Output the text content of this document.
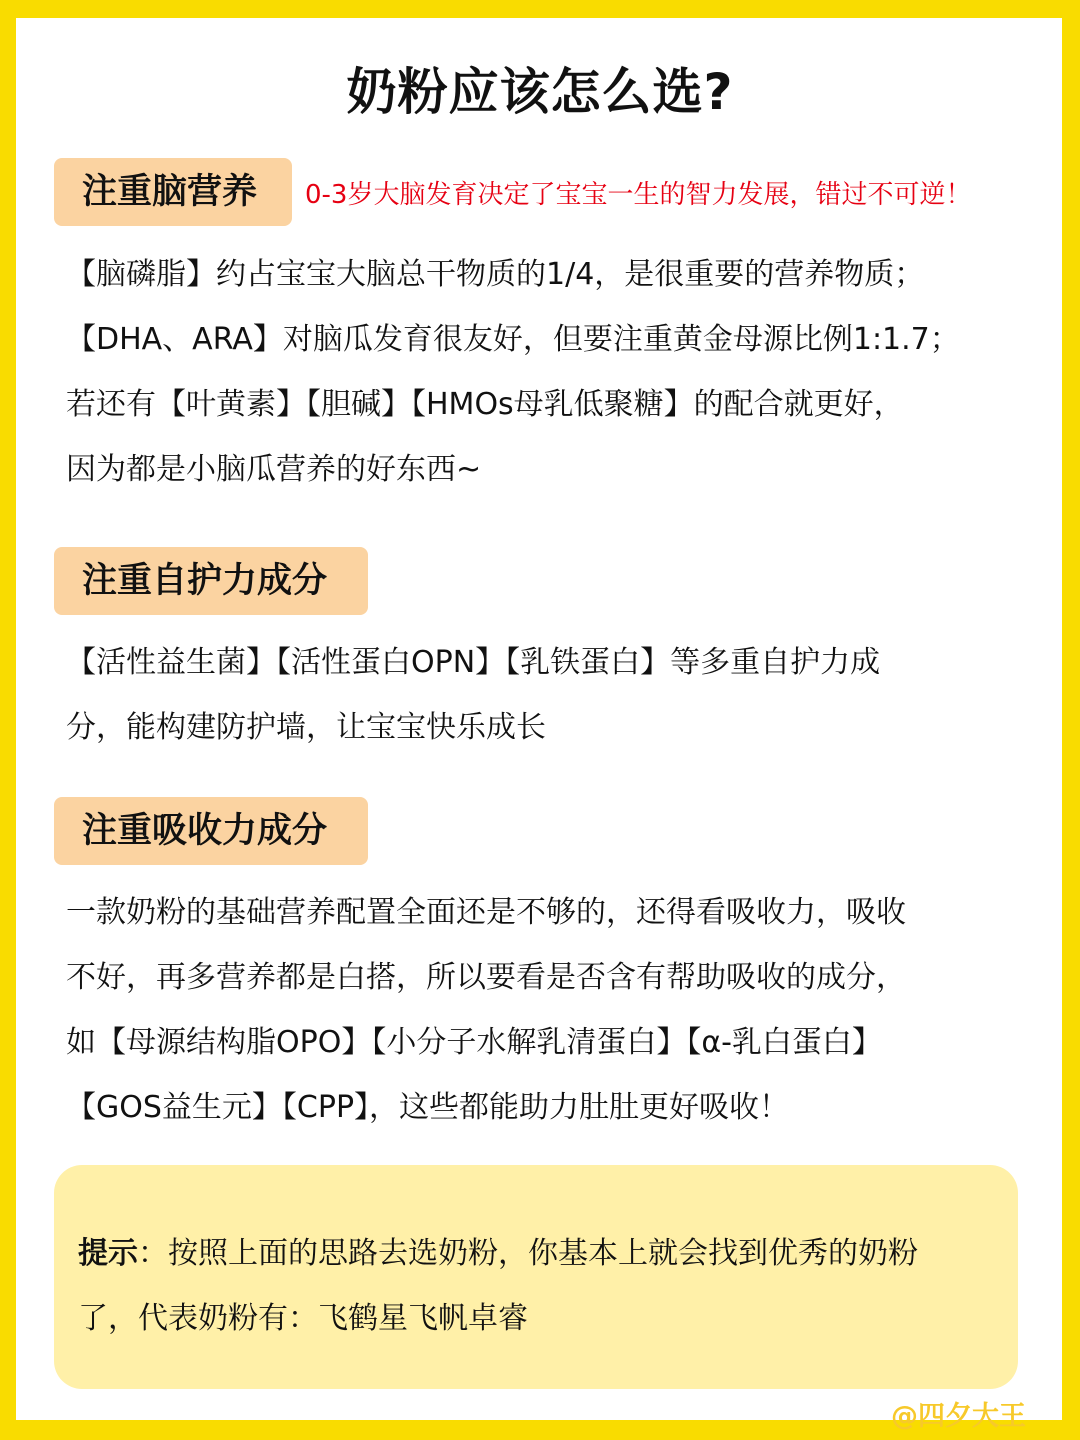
奶粉应该怎么选?
注重脑营养	0-3岁大脑发育决定了宝宝一生的智力发展，错过不可逆！
【脑磷脂】约占宝宝大脑总干物质的1/4，是很重要的营养物质；
【DHA、ARA】对脑瓜发育很友好，但要注重黄金母源比例1:1.7；
若还有【叶黄素】【胆碱】【HMOs母乳低聚糖】的配合就更好，
因为都是小脑瓜营养的好东西~
注重自护力成分
【活性益生菌】【活性蛋白OPN】【乳铁蛋白】等多重自护力成
分，能构建防护墙，让宝宝快乐成长
注重吸收力成分
一款奶粉的基础营养配置全面还是不够的，还得看吸收力，吸收
不好，再多营养都是白搭，所以要看是否含有帮助吸收的成分，
如【母源结构脂OPO】【小分子水解乳清蛋白】【α-乳白蛋白】
【GOS益生元】【CPP】，这些都能助力肚肚更好吸收！
提示：按照上面的思路去选奶粉，你基本上就会找到优秀的奶粉
了，代表奶粉有：飞鹤星飞帆卓睿
@四夕大王
